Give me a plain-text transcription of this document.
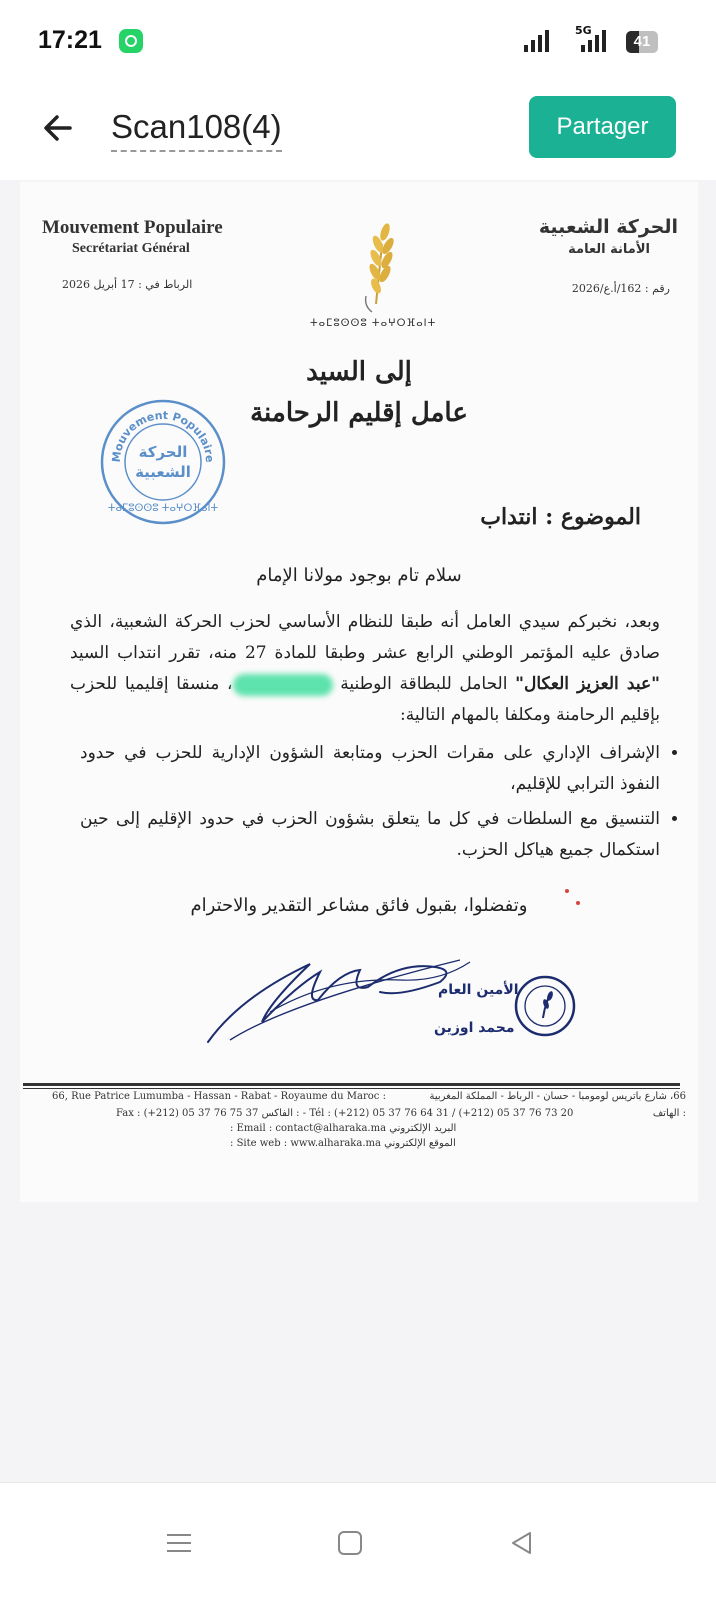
17:21	5G
41
Scan108(4)	Partager
Mouvement Populaire
Secrétariat Général
الحركة الشعبية
الأمانة العامة
ⵜⴰⵎⵓⵙⵙⵓ ⵜⴰⵖⵔⴼⴰⵏⵜ
الرباط في : 17 أبريل 2026	رقم : 162/أ.ع/2026
إلى السيد
عامل إقليم الرحامنة
Mouvement Populaire
الحركة
الشعبية
ⵜⴰⵎⵓⵙⵙⵓ ⵜⴰⵖⵔⴼⴰⵏⵜ	الموضوع : انتداب
سلام تام بوجود مولانا الإمام
وبعد، نخبركم سيدي العامل أنه طبقا للنظام الأساسي لحزب الحركة الشعبية، الذي صادق عليه المؤتمر الوطني الرابع عشر وطبقا للمادة 27 منه، تقرر انتداب السيد "عبد العزيز العكال" الحامل للبطاقة الوطنية ، منسقا إقليميا للحزب بإقليم الرحامنة ومكلفا بالمهام التالية:
• الإشراف الإداري على مقرات الحزب ومتابعة الشؤون الإدارية للحزب في حدود النفوذ الترابي للإقليم،
• التنسيق مع السلطات في كل ما يتعلق بشؤون الحزب في حدود الإقليم إلى حين استكمال جميع هياكل الحزب.
وتفضلوا، بقبول فائق مشاعر التقدير والاحترام
الأمين العام
محمد اوزين
66, Rue Patrice Lumumba - Hassan - Rabat - Royaume du Maroc :	66، شارع باتريس لومومبا - حسان - الرباط - المملكة المغربية
Fax : (+212) 05 37 76 75 37 : الفاكس - Tél : (+212) 05 37 76 64 31 / (+212) 05 37 76 73 20	: الهاتف
Email : contact@alharaka.ma : البريد الإلكتروني
Site web : www.alharaka.ma : الموقع الإلكتروني
